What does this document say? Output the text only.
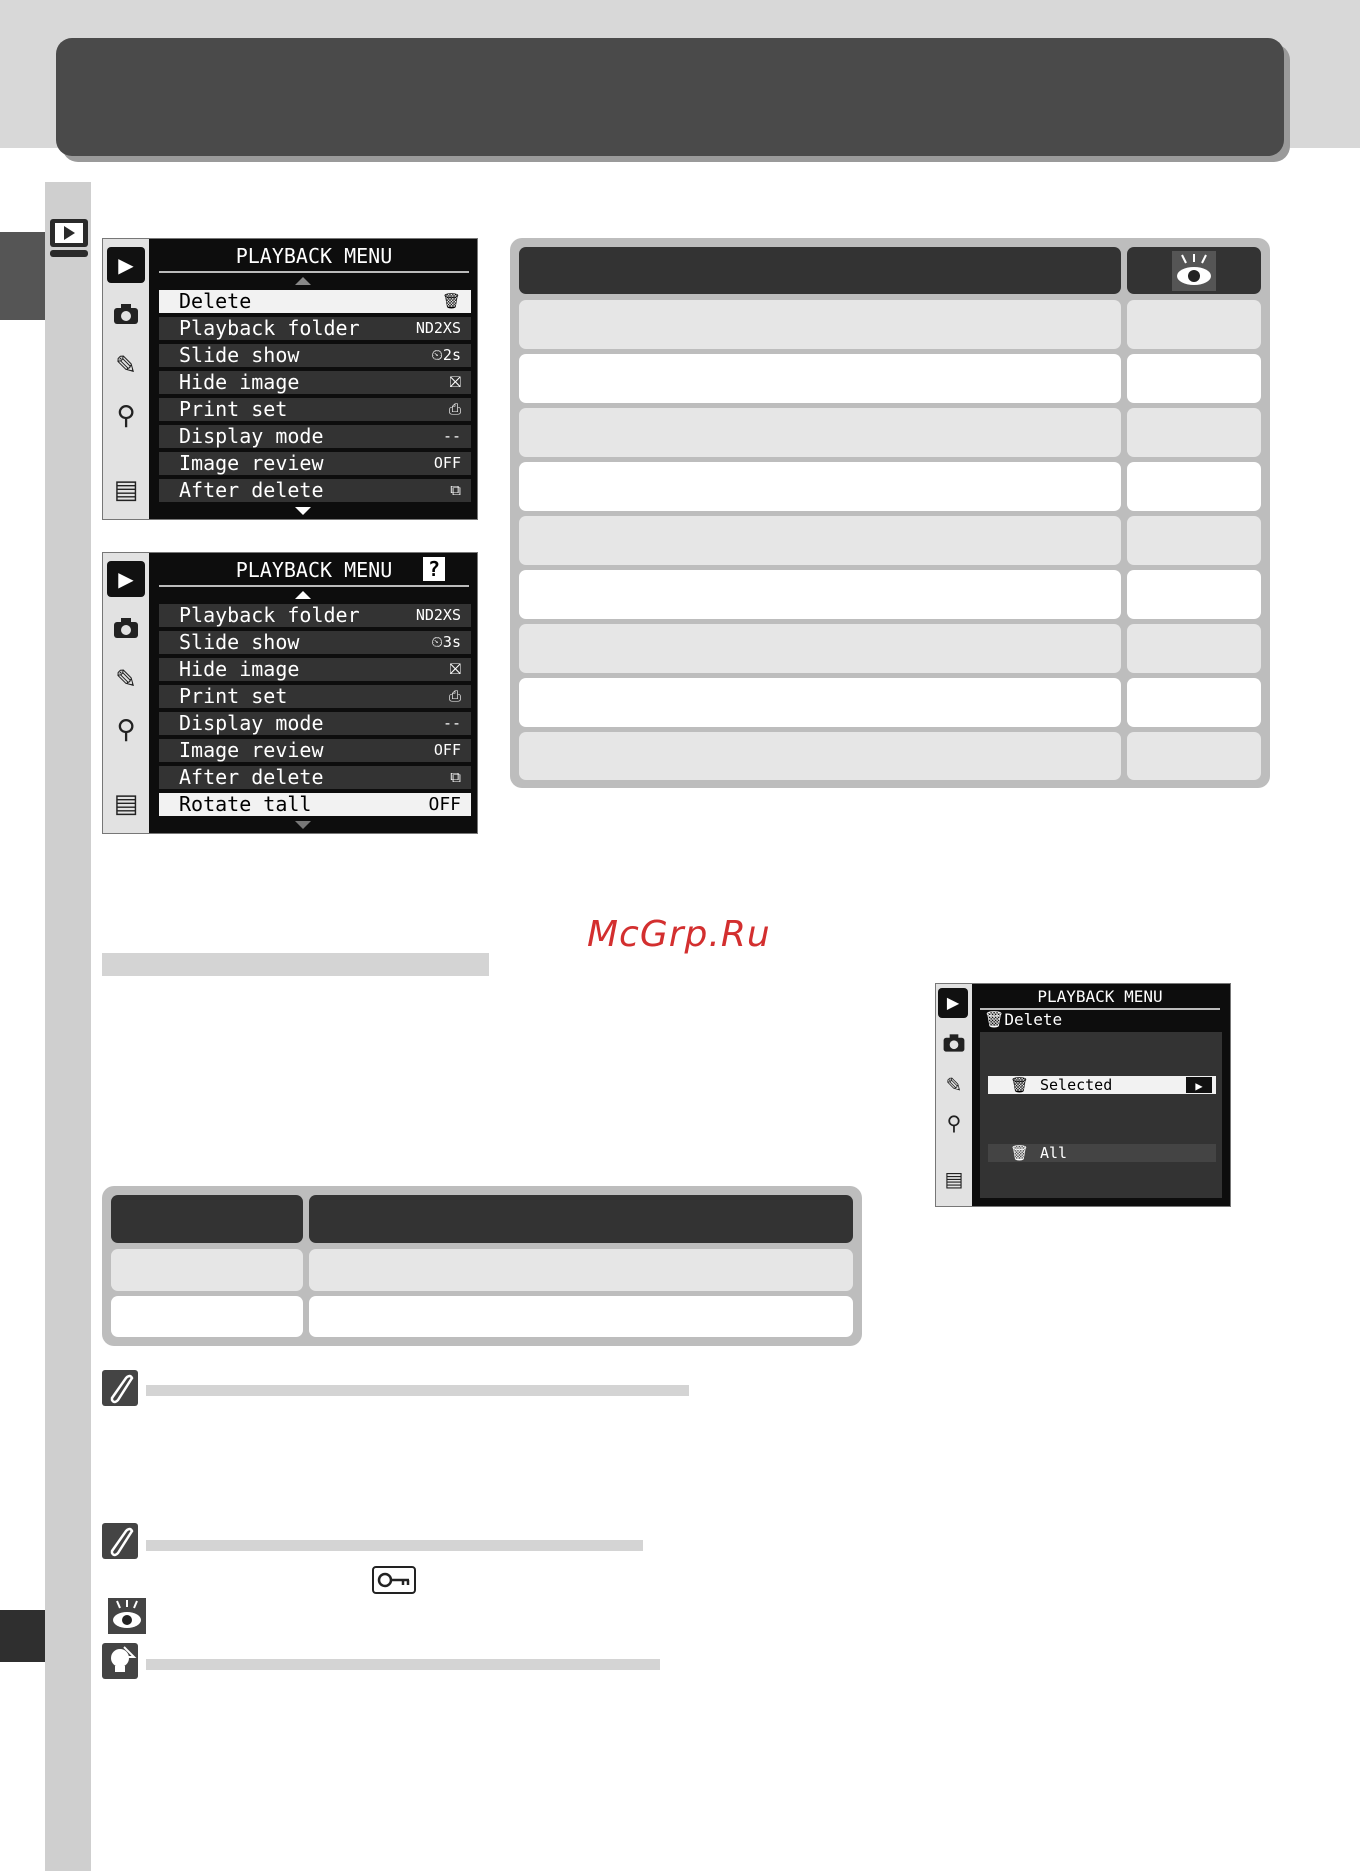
▶
✎
⚲
▤
PLAYBACK MENU
Delete	🗑
Playback folder	ND2XS
Slide show	⏲2s
Hide image	⛝
Print set	⎙
Display mode	--
Image review	OFF
After delete	⧉
▶
✎
⚲
▤
PLAYBACK MENU	?
Playback folder	ND2XS
Slide show	⏲3s
Hide image	⛝
Print set	⎙
Display mode	--
Image review	OFF
After delete	⧉
Rotate tall	OFF
McGrp.Ru
▶
✎
⚲
▤
PLAYBACK MENU
🗑Delete
🗑 Selected	▶
🗑 All
